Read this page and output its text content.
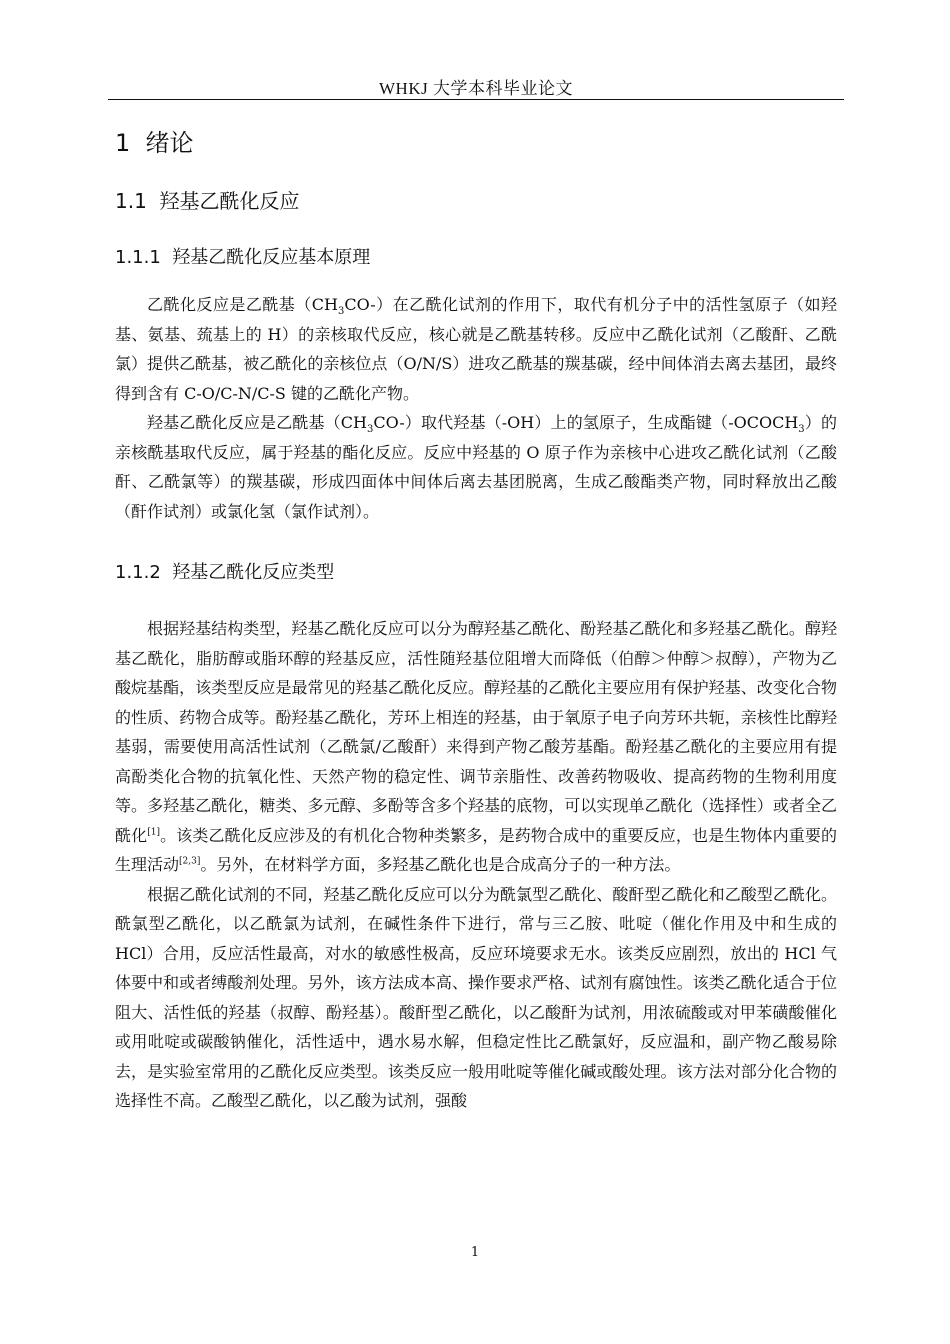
WHKJ 大学本科毕业论文
1 绪论
1.1 羟基乙酰化反应
1.1.1 羟基乙酰化反应基本原理

乙酰化反应是乙酰基$(CH_3CO-)$在乙酰化试剂的作用下，取代有机分子中的活性氢原子（如羟基、氨基、巯基上的 H）的亲核取代反应，核心就是乙酰基转移。反应中乙酰化试剂（乙酸酐、乙酰氯）提供乙酰基，被乙酰化的亲核位点（O/N/S）进攻乙酰基的羰基碳，经中间体消去离去基团，最终得到含有 C-O/C-N/C-S 键的乙酰化产物。

羟基乙酰化反应是乙酰基$(CH_3CO-)$取代羟基（-OH）上的氢原子，生成酯键$(-OCOCH_3)$的亲核酰基取代反应，属于羟基的酯化反应。反应中羟基的 O 原子作为亲核中心进攻乙酰化试剂（乙酸酐、乙酰氯等）的羰基碳，形成四面体中间体后离去基团脱离，生成乙酸酯类产物，同时释放出乙酸（酐作试剂）或氯化氢（氯作试剂）。

1.1.2 羟基乙酰化反应类型

根据羟基结构类型，羟基乙酰化反应可以分为醇羟基乙酰化、酚羟基乙酰化和多羟基乙酰化。醇羟基乙酰化，脂肪醇或脂环醇的羟基反应，活性随羟基位阻增大而降低（伯醇＞仲醇＞叔醇），产物为乙酸烷基酯，该类型反应是最常见的羟基乙酰化反应。醇羟基的乙酰化主要应用有保护羟基、改变化合物的性质、药物合成等。酚羟基乙酰化，芳环上相连的羟基，由于氧原子电子向芳环共轭，亲核性比醇羟基弱，需要使用高活性试剂（乙酰氯/乙酸酐）来得到产物乙酸芳基酯。酚羟基乙酰化的主要应用有提高酚类化合物的抗氧化性、天然产物的稳定性、调节亲脂性、改善药物吸收、提高药物的生物利用度等。多羟基乙酰化，糖类、多元醇、多酚等含多个羟基的底物，可以实现单乙酰化（选择性）或者全乙酰化[1]。该类乙酰化反应涉及的有机化合物种类繁多，是药物合成中的重要反应，也是生物体内重要的生理活动[2,3]。另外，在材料学方面，多羟基乙酰化也是合成高分子的一种方法。

根据乙酰化试剂的不同，羟基乙酰化反应可以分为酰氯型乙酰化、酸酐型乙酰化和乙酸型乙酰化。酰氯型乙酰化，以乙酰氯为试剂，在碱性条件下进行，常与三乙胺、吡啶（催化作用及中和生成的 HCl）合用，反应活性最高，对水的敏感性极高，反应环境要求无水。该类反应剧烈，放出的 HCl 气体要中和或者缚酸剂处理。另外，该方法成本高、操作要求严格、试剂有腐蚀性。该类乙酰化适合于位阻大、活性低的羟基（叔醇、酚羟基）。酸酐型乙酰化，以乙酸酐为试剂，用浓硫酸或对甲苯磺酸催化或用吡啶或碳酸钠催化，活性适中，遇水易水解，但稳定性比乙酰氯好，反应温和，副产物乙酸易除去，是实验室常用的乙酰化反应类型。该类反应一般用吡啶等催化碱或酸处理。该方法对部分化合物的选择性不高。乙酸型乙酰化，以乙酸为试剂，强酸

1
